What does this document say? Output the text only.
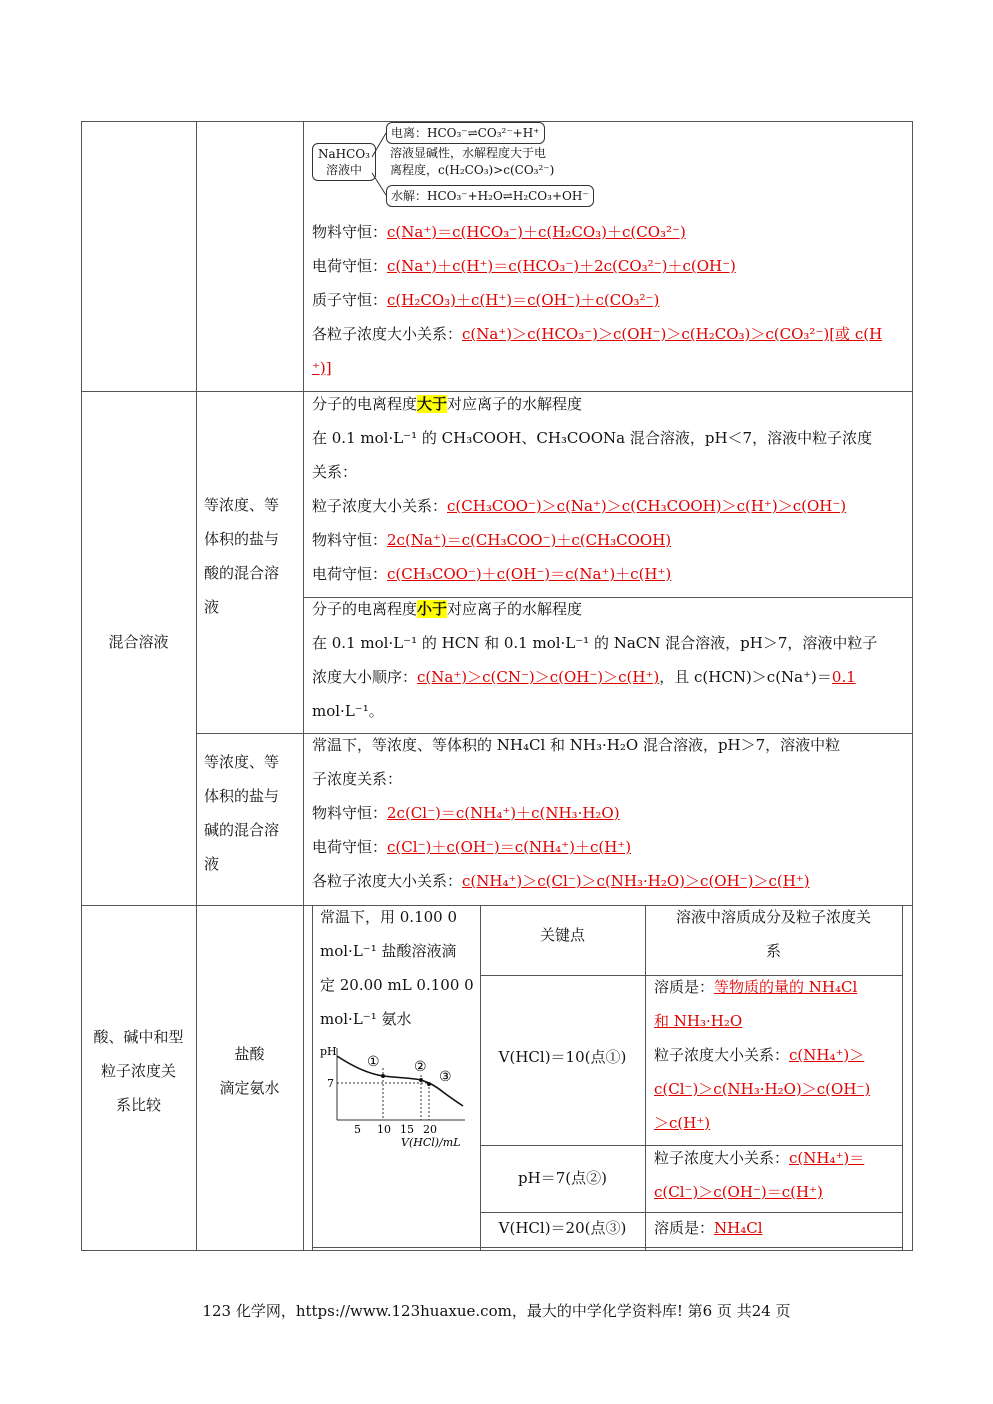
NaHCO₃
溶液中
电离：HCO₃⁻⇌CO₃²⁻+H⁺
溶液显碱性，水解程度大于电
离程度，c(H₂CO₃)>c(CO₃²⁻)
水解：HCO₃⁻+H₂O⇌H₂CO₃+OH⁻
物料守恒：c(Na⁺)＝c(HCO₃⁻)＋c(H₂CO₃)＋c(CO₃²⁻)
电荷守恒：c(Na⁺)＋c(H⁺)＝c(HCO₃⁻)＋2c(CO₃²⁻)＋c(OH⁻)
质子守恒：c(H₂CO₃)＋c(H⁺)＝c(OH⁻)＋c(CO₃²⁻)
各粒子浓度大小关系：c(Na⁺)＞c(HCO₃⁻)＞c(OH⁻)＞c(H₂CO₃)＞c(CO₃²⁻)[或 c(H
⁺)]
混合溶液
等浓度、等
体积的盐与
酸的混合溶
液
分子的电离程度大于对应离子的水解程度
在 0.1 mol·L⁻¹ 的 CH₃COOH、CH₃COONa 混合溶液，pH＜7，溶液中粒子浓度
关系：
粒子浓度大小关系：c(CH₃COO⁻)＞c(Na⁺)＞c(CH₃COOH)＞c(H⁺)＞c(OH⁻)
物料守恒：2c(Na⁺)＝c(CH₃COO⁻)＋c(CH₃COOH)
电荷守恒：c(CH₃COO⁻)＋c(OH⁻)＝c(Na⁺)＋c(H⁺)
分子的电离程度小于对应离子的水解程度
在 0.1 mol·L⁻¹ 的 HCN 和 0.1 mol·L⁻¹ 的 NaCN 混合溶液，pH＞7，溶液中粒子
浓度大小顺序：c(Na⁺)＞c(CN⁻)＞c(OH⁻)＞c(H⁺)，且 c(HCN)＞c(Na⁺)＝0.1
mol·L⁻¹。
等浓度、等
体积的盐与
碱的混合溶
液
常温下，等浓度、等体积的 NH₄Cl 和 NH₃·H₂O 混合溶液，pH＞7，溶液中粒
子浓度关系：
物料守恒：2c(Cl⁻)＝c(NH₄⁺)＋c(NH₃·H₂O)
电荷守恒：c(Cl⁻)＋c(OH⁻)＝c(NH₄⁺)＋c(H⁺)
各粒子浓度大小关系：c(NH₄⁺)＞c(Cl⁻)＞c(NH₃·H₂O)＞c(OH⁻)＞c(H⁺)
酸、碱中和型
粒子浓度关
系比较
盐酸
滴定氨水
常温下，用 0.100 0
mol·L⁻¹ 盐酸溶液滴
定 20.00 mL 0.100 0
mol·L⁻¹ 氨水
pH
7
① ②
③
5 10 15 20
V(HCl)/mL
关键点
溶液中溶质成分及粒子浓度关
系
V(HCl)＝10(点①)
溶质是：等物质的量的 NH₄Cl
和 NH₃·H₂O
粒子浓度大小关系：c(NH₄⁺)＞
c(Cl⁻)＞c(NH₃·H₂O)＞c(OH⁻)
＞c(H⁺)
pH＝7(点②)
粒子浓度大小关系：c(NH₄⁺)＝
c(Cl⁻)＞c(OH⁻)＝c(H⁺)
V(HCl)＝20(点③)	溶质是：NH₄Cl
123 化学网，https://www.123huaxue.com，最大的中学化学资料库! 第6 页 共24 页
